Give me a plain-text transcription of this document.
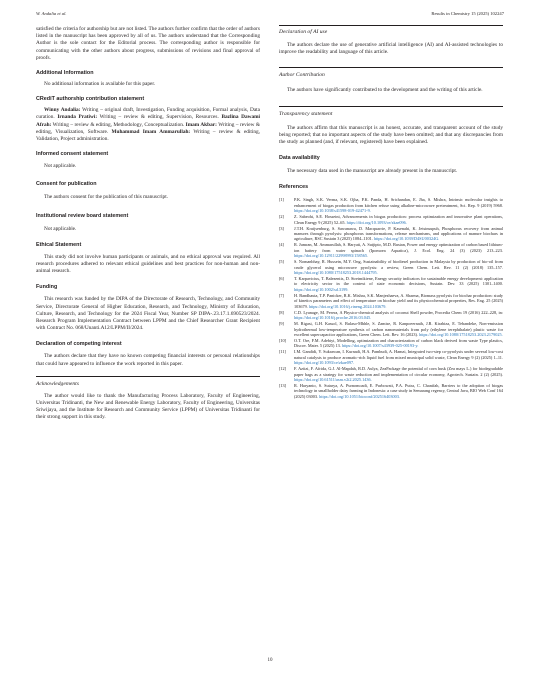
W. Andalia et al.	Results in Chemistry 15 (2025) 102247

satisfied the criteria for authorship but are not listed. The authors further confirm that the order of authors listed in the manuscript has been approved by all of us. The authors understand that the Corresponding Author is the sole contact for the Editorial process. The corresponding author is responsible for communicating with the other authors about progress, submissions of revisions and final approval of proofs.

Additional Information

No additional information is available for this paper.

CRediT authorship contribution statement

Winny Andalia: Writing – original draft, Investigation, Funding acquisition, Formal analysis, Data curation. Irnanda Pratiwi: Writing – review & editing, Supervision, Resources. Bazlina Dawami Afrah: Writing – review & editing, Methodology, Conceptualization. Imam Akbar: Writing – review & editing, Visualization, Software. Muhammad Imam Ammarullah: Writing – review & editing, Validation, Project administration.

Informed consent statement

Not applicable.

Consent for publication

The authors consent for the publication of this manuscript.

Institutional review board statement

Not applicable.

Ethical Statement

This study did not involve human participants or animals, and no ethical approval was required. All research procedures adhered to relevant ethical guidelines and best practices for non-human and non-animal research.

Funding

This research was funded by the DIPA of the Directorate of Research, Technology, and Community Service, Directorate General of Higher Education, Research, and Technology, Ministry of Education, Culture, Research, and Technology for the 2024 Fiscal Year, Number SP DIPA-.23.17.1.690523/2024. Research Program Implementation Contract between LPPM and the Chief Researcher Grant Recipient with Contract No. 068/Unanti.A12/LPPM/II/2024.

Declaration of competing interest

The authors declare that they have no known competing financial interests or personal relationships that could have appeared to influence the work reported in this paper.

Acknowledgements

The author would like to thank the Manufacturing Process Laboratory, Faculty of Engineering, Universitas Tridinanti, the New and Renewable Energy Laboratory, Faculty of Engineering, Universitas Sriwijaya, and the Institute for Research and Community Service (LPPM) of Universitas Tridinanti for their strong support in this study.

Declaration of AI use

The authors declare the use of generative artificial intelligence (AI) and AI-assisted technologies to improve the readability and language of this article.

Author Contribution

The authors have significantly contributed to the development and the writing of this article.

Transparency statement

The authors affirm that this manuscript is an honest, accurate, and transparent account of the study being reported; that no important aspects of the study have been omitted; and that any discrepancies from the study as planned (and, if relevant, registered) have been explained.

Data availability

The necessary data used in the manuscript are already present in the manuscript.

References
[1] P.K. Singh, S.K. Verma, S.K. Ojha, P.K. Panda, H. Srichandan, E. Jha, S. Mishra, Intrinsic molecular insights to enhancement of biogas production from kitchen refuse using alkaline-microwave pretreatment, Sci. Rep. 9 (2019) 5968. https://doi.org/10.1038/s41598-019-42471-9.
[2] Z. Sabeohi, S.E. Hosseini, Advancements in biogas production: process optimization and innovative plant operations, Clean Energy 9 (2025) 52–65. https://doi.org/10.1093/ce/zkae096.
[3] J.T.H. Kruijsenburg, S. Sawanawa, D. Macquarrie, P. Kasenahi, K. Jetsinsupuh, Phosphorus recovery from animal manures through pyrolysis: phosphorus transformations, release mechanisms, and applications of manure biochars in agriculture, RSC Sustain 3 (2025) 1084–1101. https://doi.org/10.1039/D4SU00324G.
[4] R. Jumran, M. Ammarullah, S. Haryati, A. Sutjipto, M.D. Bustan, Power and energy optimization of carbon based lithium-ion battery from water spinach (Ipomoea Aquatica), J. Ecol. Eng. 24 (3) (2023) 213–223. https://doi.org/10.12911/22998993/158565.
[5] S. Nomanbhay, R. Hussein, M.Y. Ong, Sustainability of biodiesel production in Malaysia by production of bio-oil from crude glycerol using microwave pyrolysis: a review, Green Chem. Lett. Rev. 11 (2) (2018) 135–157. https://doi.org/10.1080/17518253.2018.1444795.
[6] T. Karpavicius, T. Balezentis, D. Streimikiene, Energy security indicators for sustainable energy development: application to electricity sector in the context of state economic decisions, Sustain. Dev. 33 (2025) 1301–1400. https://doi.org/10.1002/sd.3199.
[7] H. Bandhauta, T.P. Panicker, R.K. Mishra, S.K. Manjezhaeva, A. Sharma, Biomass pyrolysis for biochar production: study of kinetics parameters and effect of temperature on biochar yield and its physicochemical properties, Res. Eng. 25 (2025) 103679. https://doi.org/10.1016/j.rineng.2024.103679.
[8] C.D. Lyanage, M. Perera, A Physico-chemical analysis of coconut Shell powder, Procedia Chem 19 (2016) 222–228, in: https://doi.org/10.1016/j.proche.2016.03.045.
[9] M. Rigasi, G.H. Kassol, S. Bulaso-Mbhle, S. Zamise, R. Kanpoeernath, J.R. Kirabiza, E. Tebandeke, Non-emission hydrothermal low-temperature synthesis of carbon nanomaterials from poly (ethylene terephthalate) plastic waste for excellent supercapacitor applications, Green Chem. Lett. Rev. 16 (2023). https://doi.org/10.1080/17518253.2023.2179025.
[10] O.T. Ore, F.M. Adebiyi, Modelling, optimization and characterization of carbon black derived from waste Type plastics, Discov. Mater. 5 (2025) 13. https://doi.org/10.1007/s43939-025-00193-y.
[11] I.M. Gandidi, Y. Sukrawan, I. Kurnadi, H.A. Pambudi, A. Hamzi, Integrated two-step co-pyrolysis under several low-cost natural catalysts to produce aromatic-rich liquid fuel from mixed municipal solid waste, Clean Energy 9 (2) (2025) 1–11. https://doi.org/10.1093/ce/zkae097.
[12] F. Aziizi, F. Afrida, G.J. Al-Mapdah, R.D. Aulya, ZeaPackage the potential of corn husk (Zea mays L.) for biodegradable paper bags as a strategy for waste reduction and implementation of circular economy, Agrotech. Sustain. 2 (2) (2025). https://doi.org/10.61511/asm.v2i2.2025.1436.
[13] R. Haryanto, S. Sutarya, A. Purnomoadi, E. Purbowati, P.A. Putra, C. Chanifah, Barriers to the adoption of biogas technology in smallholder dairy farming in Indonesia: a case study in Semarang regency, Central Java, BIO Web Conf 164 (2025) 03003. https://doi.org/10.1051/bioconf/202516403003.
10
